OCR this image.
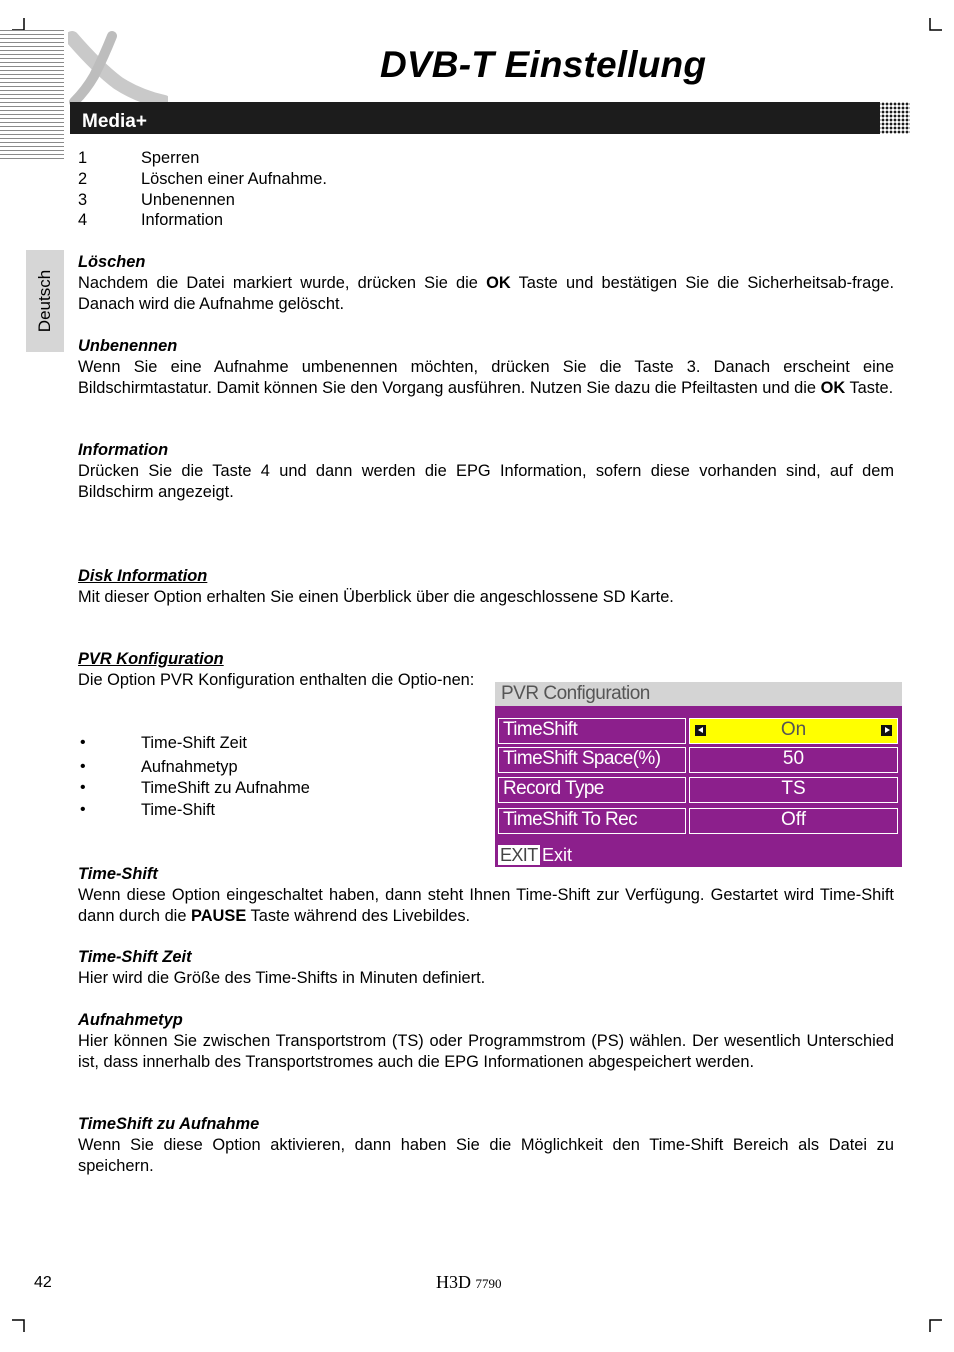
DVB-T Einstellung
Media+
Deutsch
1	Sperren
2	Löschen einer Aufnahme.
3	Unbenennen
4	Information
Löschen
Nachdem die Datei markiert wurde, drücken Sie die OK Taste und bestätigen Sie die Sicherheitsab-frage. Danach wird die Aufnahme gelöscht.
Unbenennen
Wenn Sie eine Aufnahme umbenennen möchten, drücken Sie die Taste 3. Danach erscheint eine Bildschirmtastatur. Damit können Sie den Vorgang ausführen. Nutzen Sie dazu die Pfeiltasten und die OK Taste.
Information
Drücken Sie die Taste 4 und dann werden die EPG Information, sofern diese vorhanden sind, auf dem Bildschirm angezeigt.
Disk Information
Mit dieser Option erhalten Sie einen Überblick über die angeschlossene SD Karte.
PVR Konfiguration
Die Option PVR Konfiguration enthalten die Optio-nen:
•	Time-Shift Zeit
•	Aufnahmetyp
•	TimeShift zu Aufnahme
•	Time-Shift
PVR Configuration
TimeShift	On
TimeShift Space(%)	50
Record Type	TS
TimeShift To Rec	Off
EXIT Exit
Time-Shift
Wenn diese Option eingeschaltet haben, dann steht Ihnen Time-Shift zur Verfügung. Gestartet wird Time-Shift dann durch die PAUSE Taste während des Livebildes.
Time-Shift Zeit
Hier wird die Größe des Time-Shifts in Minuten definiert.
Aufnahmetyp
Hier können Sie zwischen Transportstrom (TS) oder Programmstrom (PS) wählen. Der wesentlich Unterschied ist, dass innerhalb des Transportstromes auch die EPG Informationen abgespeichert werden.
TimeShift zu Aufnahme
Wenn Sie diese Option aktivieren, dann haben Sie die Möglichkeit den Time-Shift Bereich als Datei zu speichern.
42	H3D 7790
